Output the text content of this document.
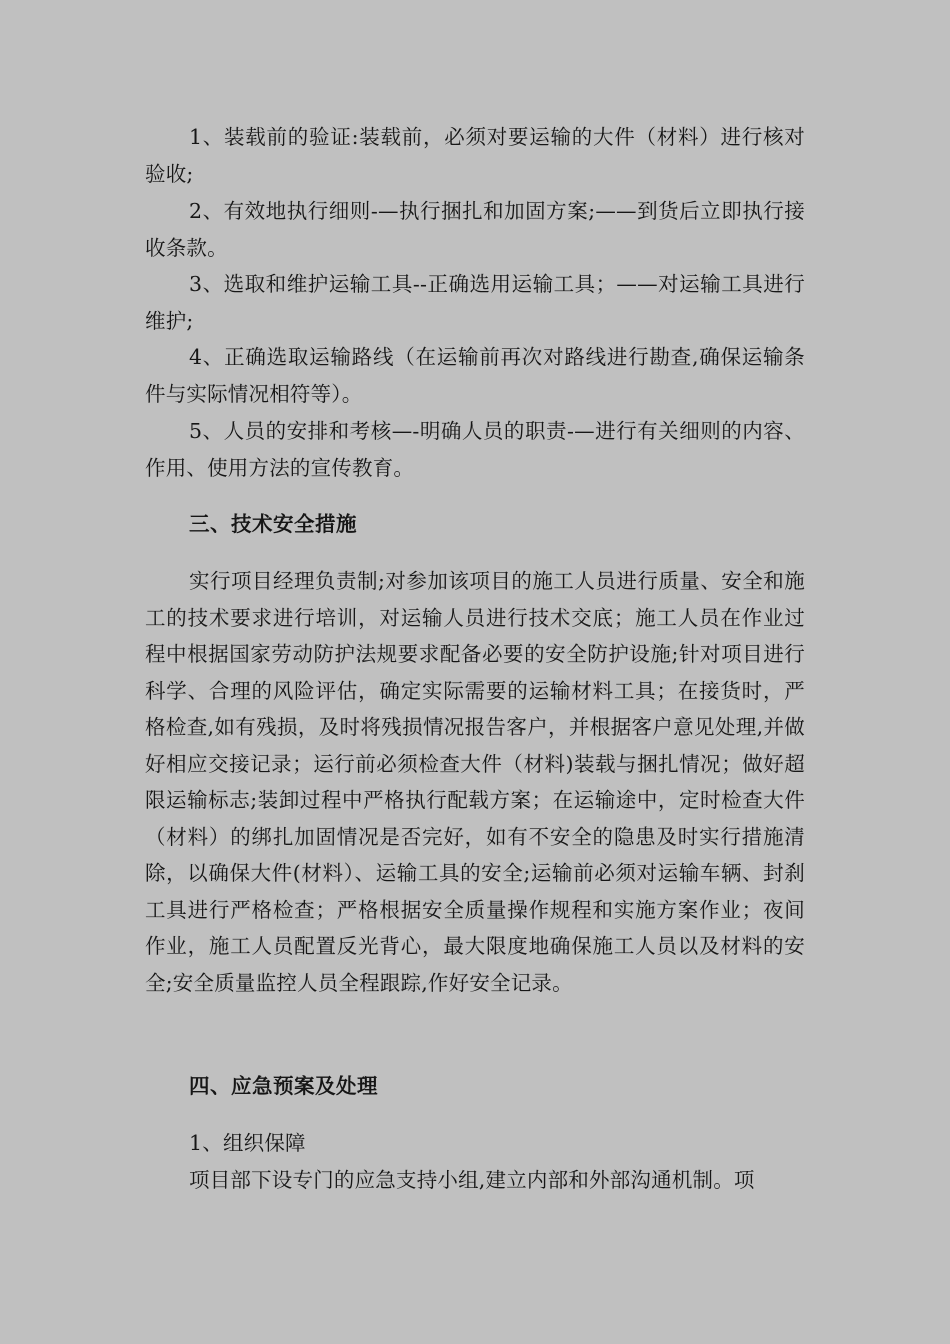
1、装载前的验证:装载前，必须对要运输的大件（材料）进行核对验收;

2、有效地执行细则-—执行捆扎和加固方案;——到货后立即执行接收条款。

3、选取和维护运输工具--正确选用运输工具；——对运输工具进行维护;

4、正确选取运输路线（在运输前再次对路线进行勘查,确保运输条件与实际情况相符等）。

5、人员的安排和考核—-明确人员的职责-—进行有关细则的内容、作用、使用方法的宣传教育。

三、技术安全措施

实行项目经理负责制;对参加该项目的施工人员进行质量、安全和施工的技术要求进行培训，对运输人员进行技术交底；施工人员在作业过程中根据国家劳动防护法规要求配备必要的安全防护设施;针对项目进行科学、合理的风险评估，确定实际需要的运输材料工具；在接货时，严格检查,如有残损，及时将残损情况报告客户，并根据客户意见处理,并做好相应交接记录；运行前必须检查大件（材料)装载与捆扎情况；做好超限运输标志;装卸过程中严格执行配载方案；在运输途中，定时检查大件（材料）的绑扎加固情况是否完好，如有不安全的隐患及时实行措施清除，以确保大件(材料）、运输工具的安全;运输前必须对运输车辆、封刹工具进行严格检查；严格根据安全质量操作规程和实施方案作业；夜间作业，施工人员配置反光背心，最大限度地确保施工人员以及材料的安全;安全质量监控人员全程跟踪,作好安全记录。

四、应急预案及处理

1、组织保障

项目部下设专门的应急支持小组,建立内部和外部沟通机制。项
